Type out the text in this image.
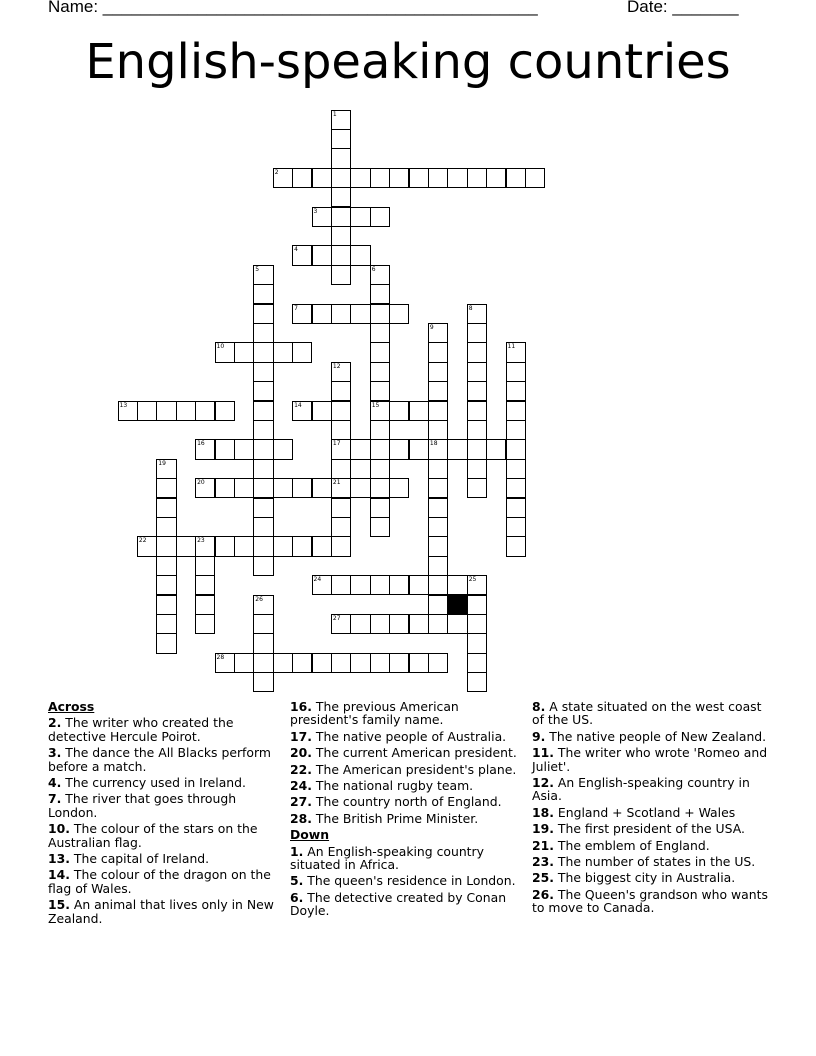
Name: ______________________________________________	Date: _______
English-speaking countries
1
2
3
4
5	6
15
7	8
9
18
10	11
12
17
21
13	14
16
19
20
22	23
24	25
26
27
28
Across
2. The writer who created the detective Hercule Poirot.
3. The dance the All Blacks perform before a match.
4. The currency used in Ireland.
7. The river that goes through London.
10. The colour of the stars on the Australian flag.
13. The capital of Ireland.
14. The colour of the dragon on the flag of Wales.
15. An animal that lives only in New Zealand.
16. The previous American president's family name.
17. The native people of Australia.
20. The current American president.
22. The American president's plane.
24. The national rugby team.
27. The country north of England.
28. The British Prime Minister.
Down
1. An English-speaking country situated in Africa.
5. The queen's residence in London.
6. The detective created by Conan Doyle.
8. A state situated on the west coast of the US.
9. The native people of New Zealand.
11. The writer who wrote 'Romeo and Juliet'.
12. An English-speaking country in Asia.
18. England + Scotland + Wales
19. The first president of the USA.
21. The emblem of England.
23. The number of states in the US.
25. The biggest city in Australia.
26. The Queen's grandson who wants to move to Canada.
